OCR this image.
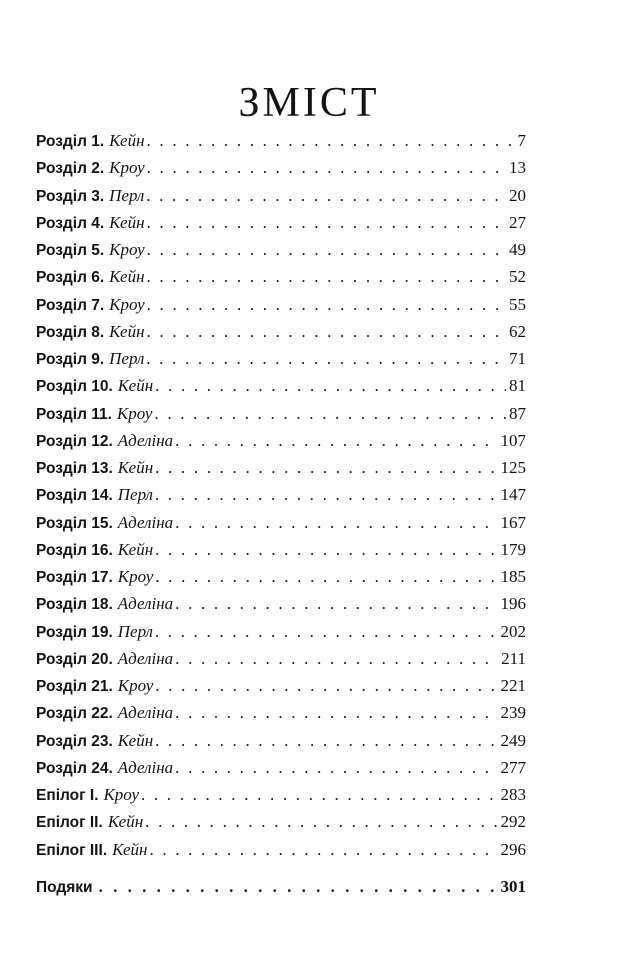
ЗМІСТ
Розділ 1 . Кейн . . .	7
Розділ 2 . Кроу . . .	13
Розділ 3 . Перл . . .	20
Розділ 4 . Кейн . . .	27
Розділ 5 . Кроу . . .	49
Розділ 6 . Кейн . . .	52
Розділ 7 . Кроу . . .	55
Розділ 8 . Кейн . . .	62
Розділ 9 . Перл . . .	71
Розділ 10 . Кейн . . .	81
Розділ 11 . Кроу . . .	87
Розділ 12 . Аделіна . . .	107
Розділ 13 . Кейн . . .	125
Розділ 14 . Перл . . .	147
Розділ 15 . Аделіна . . .	167
Розділ 16 . Кейн . . .	179
Розділ 17 . Кроу . . .	185
Розділ 18 . Аделіна . . .	196
Розділ 19 . Перл . . .	202
Розділ 20 . Аделіна . . .	211
Розділ 21 . Кроу . . .	221
Розділ 22 . Аделіна . . .	239
Розділ 23 . Кейн . . .	249
Розділ 24 . Аделіна . . .	277
Епілог І . Кроу . . .	283
Епілог ІІ . Кейн . . .	292
Епілог ІІІ . Кейн . . .	296
Подяки . . .	301
